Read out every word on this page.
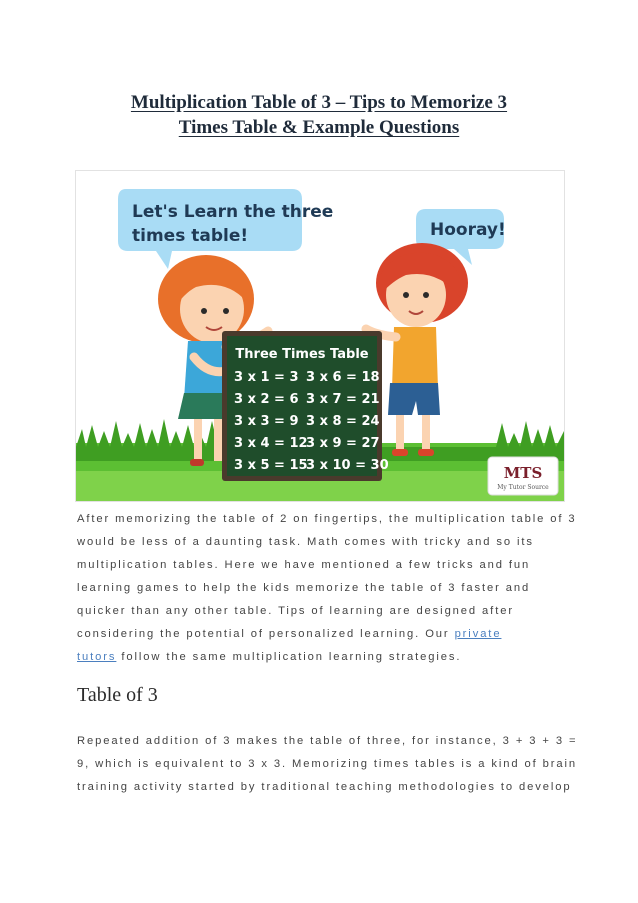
Multiplication Table of 3 – Tips to Memorize 3
Times Table & Example Questions
Let's Learn the three
times table!	Hooray!
Three Times Table
3 x 1 = 3 3 x 6 = 18
3 x 2 = 6 3 x 7 = 21
3 x 3 = 9 3 x 8 = 24
3 x 4 = 12
3 x 9 = 27
3 x 5 = 15
3 x 10 = 30	MTS
My Tutor Source

After memorizing the table of 2 on fingertips, the multiplication table of 3
would be less of a daunting task. Math comes with tricky and so its
multiplication tables. Here we have mentioned a few tricks and fun
learning games to help the kids memorize the table of 3 faster and
quicker than any other table. Tips of learning are designed after
considering the potential of personalized learning. Our private
tutors follow the same multiplication learning strategies.

Table of 3

Repeated addition of 3 makes the table of three, for instance, 3 + 3 + 3 =
9, which is equivalent to 3 x 3. Memorizing times tables is a kind of brain
training activity started by traditional teaching methodologies to develop
